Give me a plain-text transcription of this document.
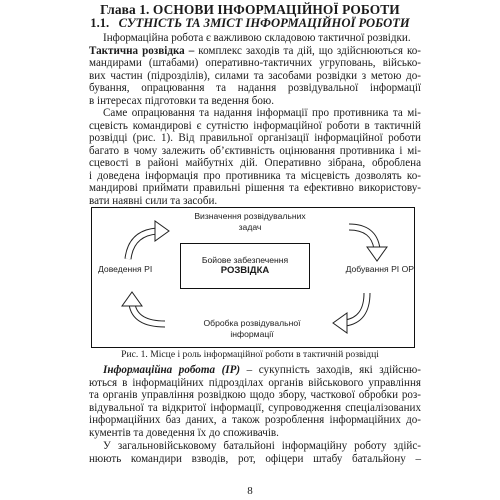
Глава 1. ОСНОВИ ІНФОРМАЦІЙНОЇ РОБОТИ
1.1. СУТНІСТЬ ТА ЗМІСТ ІНФОРМАЦІЙНОЇ РОБОТИ
Інформаційна робота є важливою складовою тактичної розвідки.
Тактична розвідка – комплекс заходів та дій, що здійснюються ко-
мандирами (штабами) оперативно-тактичних угруповань, військо-
вих частин (підрозділів), силами та засобами розвідки з метою до-
бування, опрацювання та надання розвідувальної інформації
в інтересах підготовки та ведення бою.
Саме опрацювання та надання інформації про противника та мі-
сцевість командирові є сутністю інформаційної роботи в тактичній
розвідці (рис. 1). Від правильної організації інформаційної роботи
багато в чому залежить об’єктивність оцінювання противника і мі-
сцевості в районі майбутніх дій. Оперативно зібрана, оброблена
і доведена інформація про противника та місцевість дозволять ко-
мандирові приймати правильні рішення та ефективно використову-
вати наявні сили та засоби.
Визначення розвідувальних задач
Доведення РІ	Добування РІ ОР
Обробка розвідувальної інформації
Бойове забезпечення
РОЗВІДКА
Рис. 1. Місце і роль інформаційної роботи в тактичній розвідці
Інформаційна робота (ІР) – сукупність заходів, які здійсню-
ються в інформаційних підрозділах органів військового управління
та органів управління розвідкою щодо збору, часткової обробки роз-
відувальної та відкритої інформації, супроводження спеціалізованих
інформаційних баз даних, а також розроблення інформаційних до-
кументів та доведення їх до споживачів.
У загальновійськовому батальйоні інформаційну роботу здійс-
нюють командири взводів, рот, офіцери штабу батальйону –
8
